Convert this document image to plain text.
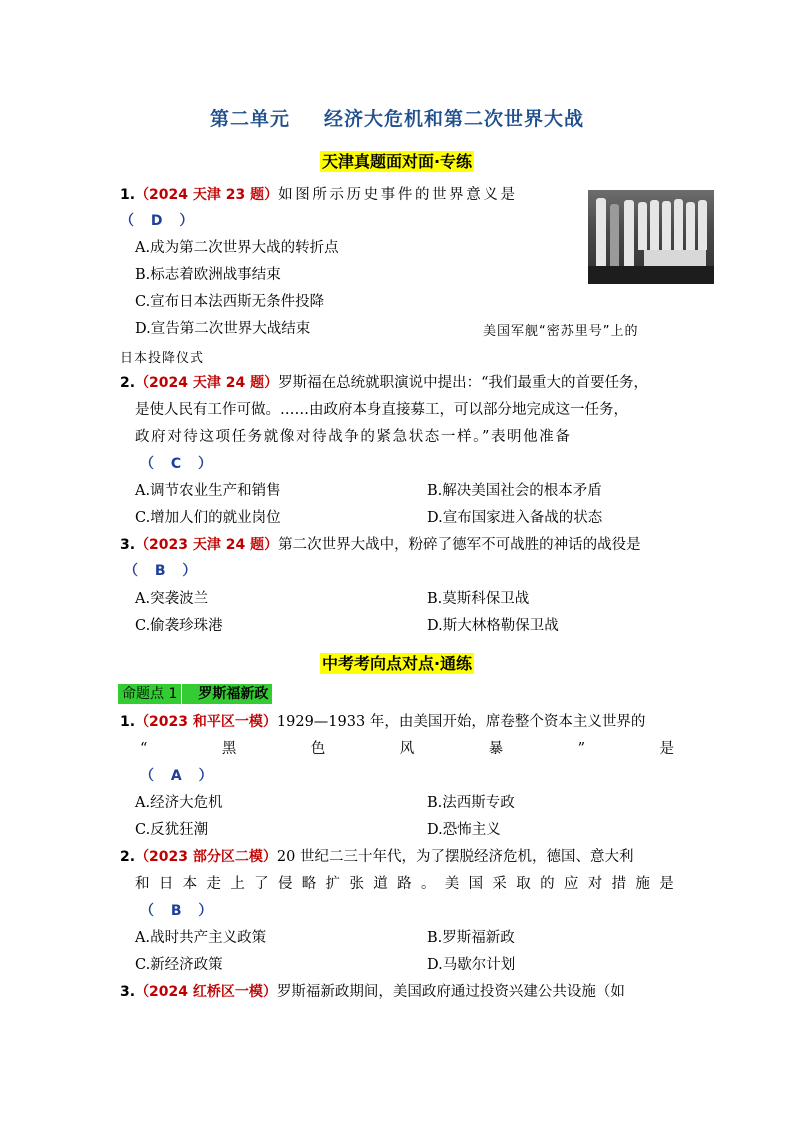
第二单元 经济大危机和第二次世界大战
天津真题面对面·专练
1.（2024 天津 23 题）如图所示历史事件的世界意义是
（ D ）
A.成为第二次世界大战的转折点
B.标志着欧洲战事结束
C.宣布日本法西斯无条件投降
D.宣告第二次世界大战结束	美国军舰“密苏里号”上的
日本投降仪式
2.（2024 天津 24 题）罗斯福在总统就职演说中提出：“我们最重大的首要任务，
是使人民有工作可做。……由政府本身直接募工，可以部分地完成这一任务，
政府对待这项任务就像对待战争的紧急状态一样。”表明他准备
（ C ）
A.调节农业生产和销售	B.解决美国社会的根本矛盾
C.增加人们的就业岗位	D.宣布国家进入备战的状态
3.（2023 天津 24 题）第二次世界大战中，粉碎了德军不可战胜的神话的战役是
（ B ）
A.突袭波兰	B.莫斯科保卫战
C.偷袭珍珠港	D.斯大林格勒保卫战
中考考向点对点·通练
命题点 1 罗斯福新政
1.（2023 和平区一模）1929—1933 年，由美国开始，席卷整个资本主义世界的
“	黑	色	风	暴	”	是
（ A ）
A.经济大危机	B.法西斯专政
C.反犹狂潮	D.恐怖主义
2.（2023 部分区二模）20 世纪二三十年代，为了摆脱经济危机，德国、意大利
和 日 本 走 上 了 侵 略 扩 张 道 路 。 美 国 采 取 的 应 对 措 施 是
（ B ）
A.战时共产主义政策	B.罗斯福新政
C.新经济政策	D.马歇尔计划
3.（2024 红桥区一模）罗斯福新政期间，美国政府通过投资兴建公共设施（如
